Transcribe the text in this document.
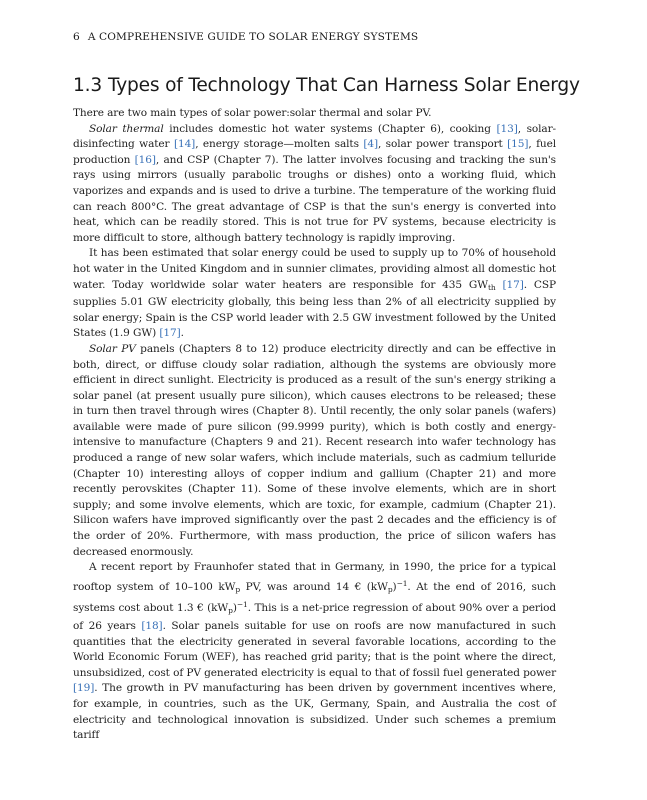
6 A COMPREHENSIVE GUIDE TO SOLAR ENERGY SYSTEMS
1.3 Types of Technology That Can Harness Solar Energy

There are two main types of solar power:solar thermal and solar PV.

Solar thermal includes domestic hot water systems (Chapter 6), cooking [13], solar-disinfecting water [14], energy storage—molten salts [4], solar power transport [15], fuel production [16], and CSP (Chapter 7). The latter involves focusing and tracking the sun's rays using mirrors (usually parabolic troughs or dishes) onto a working fluid, which vaporizes and expands and is used to drive a turbine. The temperature of the working fluid can reach 800°C. The great advantage of CSP is that the sun's energy is converted into heat, which can be readily stored. This is not true for PV systems, because electricity is more difficult to store, although battery technology is rapidly improving.

It has been estimated that solar energy could be used to supply up to 70% of household hot water in the United Kingdom and in sunnier climates, providing almost all domestic hot water. Today worldwide solar water heaters are responsible for 435 $GW_{th}$ [17]. CSP supplies 5.01 GW electricity globally, this being less than 2% of all electricity supplied by solar energy; Spain is the CSP world leader with 2.5 GW investment followed by the United States (1.9 GW) [17].

Solar PV panels (Chapters 8 to 12) produce electricity directly and can be effective in both, direct, or diffuse cloudy solar radiation, although the systems are obviously more efficient in direct sunlight. Electricity is produced as a result of the sun's energy striking a solar panel (at present usually pure silicon), which causes electrons to be released; these in turn then travel through wires (Chapter 8). Until recently, the only solar panels (wafers) available were made of pure silicon (99.9999 purity), which is both costly and energy-intensive to manufacture (Chapters 9 and 21). Recent research into wafer technology has produced a range of new solar wafers, which include materials, such as cadmium telluride (Chapter 10) interesting alloys of copper indium and gallium (Chapter 21) and more recently perovskites (Chapter 11). Some of these involve elements, which are in short supply; and some involve elements, which are toxic, for example, cadmium (Chapter 21). Silicon wafers have improved significantly over the past 2 decades and the efficiency is of the order of 20%. Furthermore, with mass production, the price of silicon wafers has decreased enormously.

A recent report by Fraunhofer stated that in Germany, in 1990, the price for a typical rooftop system of 10–100 $kW_p$ PV, was around 14 € $(kW_p)^{-1}$. At the end of 2016, such systems cost about 1.3 € $(kW_p)^{-1}$. This is a net-price regression of about 90% over a period of 26 years [18]. Solar panels suitable for use on roofs are now manufactured in such quantities that the electricity generated in several favorable locations, according to the World Economic Forum (WEF), has reached grid parity; that is the point where the direct, unsubsidized, cost of PV generated electricity is equal to that of fossil fuel generated power [19]. The growth in PV manufacturing has been driven by government incentives where, for example, in countries, such as the UK, Germany, Spain, and Australia the cost of electricity and technological innovation is subsidized. Under such schemes a premium tariff
